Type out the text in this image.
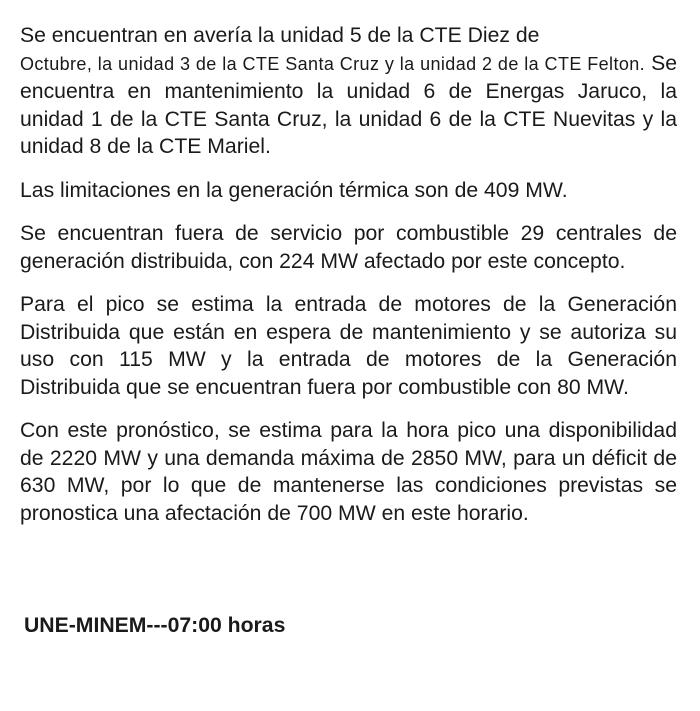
Se encuentran en avería la unidad 5 de la CTE Diez de
Octubre, la unidad 3 de la CTE Santa Cruz y la unidad 2 de la CTE Felton. Se encuentra en mantenimiento la unidad 6 de Energas Jaruco, la unidad 1 de la CTE Santa Cruz, la unidad 6 de la CTE Nuevitas y la unidad 8 de la CTE Mariel.

Las limitaciones en la generación térmica son de 409 MW.

Se encuentran fuera de servicio por combustible 29 centrales de generación distribuida, con 224 MW afectado por este concepto.

Para el pico se estima la entrada de motores de la Generación Distribuida que están en espera de mantenimiento y se autoriza su uso con 115 MW y la entrada de motores de la Generación Distribuida que se encuentran fuera por combustible con 80 MW.

Con este pronóstico, se estima para la hora pico una disponibilidad de 2220 MW y una demanda máxima de 2850 MW, para un déficit de 630 MW, por lo que de mantenerse las condiciones previstas se pronostica una afectación de 700 MW en este horario.

UNE-MINEM---07:00 horas
